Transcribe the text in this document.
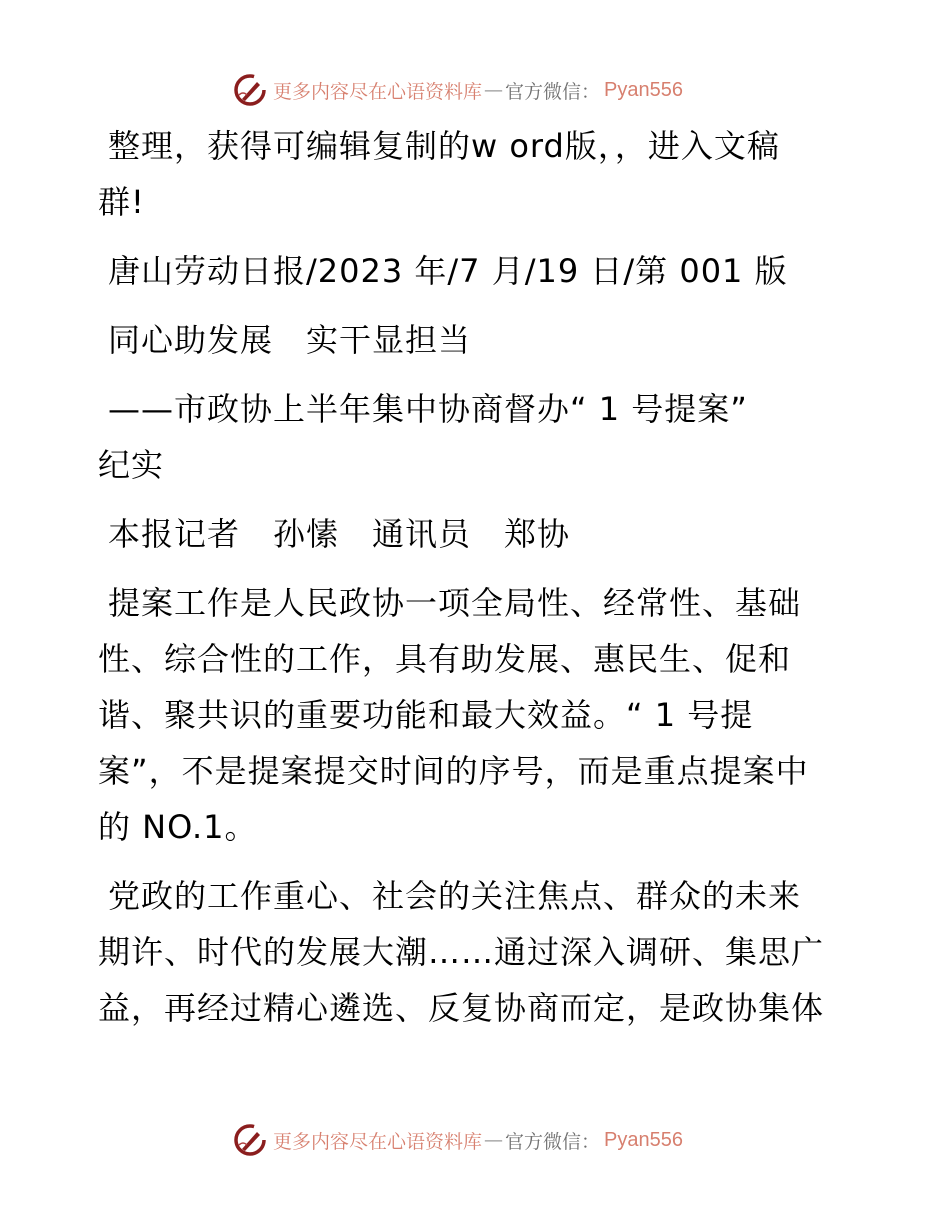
更多内容尽在心语资料库 — 官方微信： Pyan556

整理，获得可编辑复制的w ord版，，进入文稿
群!

唐山劳动日报/2023 年/7 月/19 日/第 001 版

同心助发展　实干显担当

——市政协上半年集中协商督办“ 1 号提案”
纪实

本报记者　孙愫　通讯员　郑协

提案工作是人民政协一项全局性、经常性、基础
性、综合性的工作，具有助发展、惠民生、促和
谐、聚共识的重要功能和最大效益。“ 1 号提
案”，不是提案提交时间的序号，而是重点提案中
的 NO.1。

党政的工作重心、社会的关注焦点、群众的未来
期许、时代的发展大潮……通过深入调研、集思广
益，再经过精心遴选、反复协商而定，是政协集体

更多内容尽在心语资料库 — 官方微信： Pyan556
